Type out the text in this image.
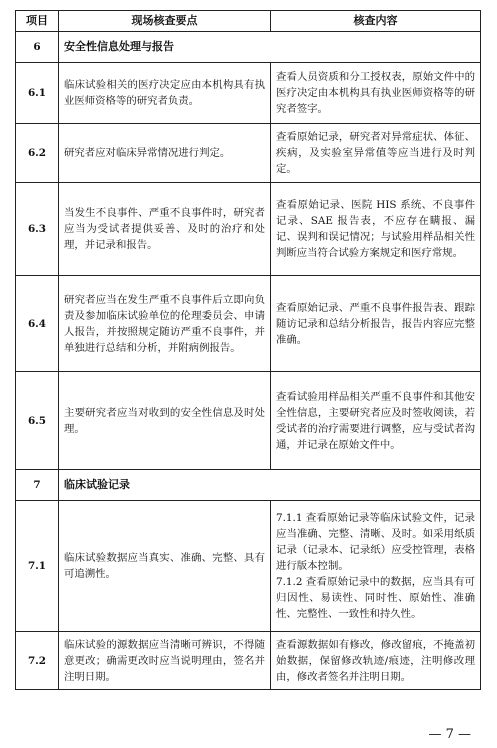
项目	现场核查要点	核查内容
6	安全性信息处理与报告	
6.1	临床试验相关的医疗决定应由本机构具有执业医师资格等的研究者负责。	查看人员资质和分工授权表，原始文件中的医疗决定由本机构具有执业医师资格等的研究者签字。

6.2	研究者应对临床异常情况进行判定。	查看原始记录，研究者对异常症状、体征、疾病，及实验室异常值等应当进行及时判定。

6.3	当发生不良事件、严重不良事件时，研究者应当为受试者提供妥善、及时的治疗和处理，并记录和报告。	查看原始记录、医院 HIS 系统、不良事件记录、SAE 报告表，不应存在瞒报、漏记、误判和误记情况；与试验用样品相关性判断应当符合试验方案规定和医疗常规。

6.4	研究者应当在发生严重不良事件后立即向负责及参加临床试验单位的伦理委员会、申请人报告，并按照规定随访严重不良事件，并单独进行总结和分析，并附病例报告。	查看原始记录、严重不良事件报告表、跟踪随访记录和总结分析报告，报告内容应完整准确。

6.5	主要研究者应当对收到的安全性信息及时处理。	查看试验用样品相关严重不良事件和其他安全性信息，主要研究者应及时签收阅读，若受试者的治疗需要进行调整，应与受试者沟通，并记录在原始文件中。

7	临床试验记录	
7.1	临床试验数据应当真实、准确、完整、具有可追溯性。	7.1.1 查看原始记录等临床试验文件，记录应当准确、完整、清晰、及时。如采用纸质记录（记录本、记录纸）应受控管理，表格进行版本控制。
7.1.2 查看原始记录中的数据，应当具有可归因性、易读性、同时性、原始性、准确性、完整性、一致性和持久性。

7.2	临床试验的源数据应当清晰可辨识，不得随意更改；确需更改时应当说明理由，签名并注明日期。	查看源数据如有修改，修改留痕，不掩盖初始数据，保留修改轨迹/痕迹，注明修改理由，修改者签名并注明日期。
— 7 —
